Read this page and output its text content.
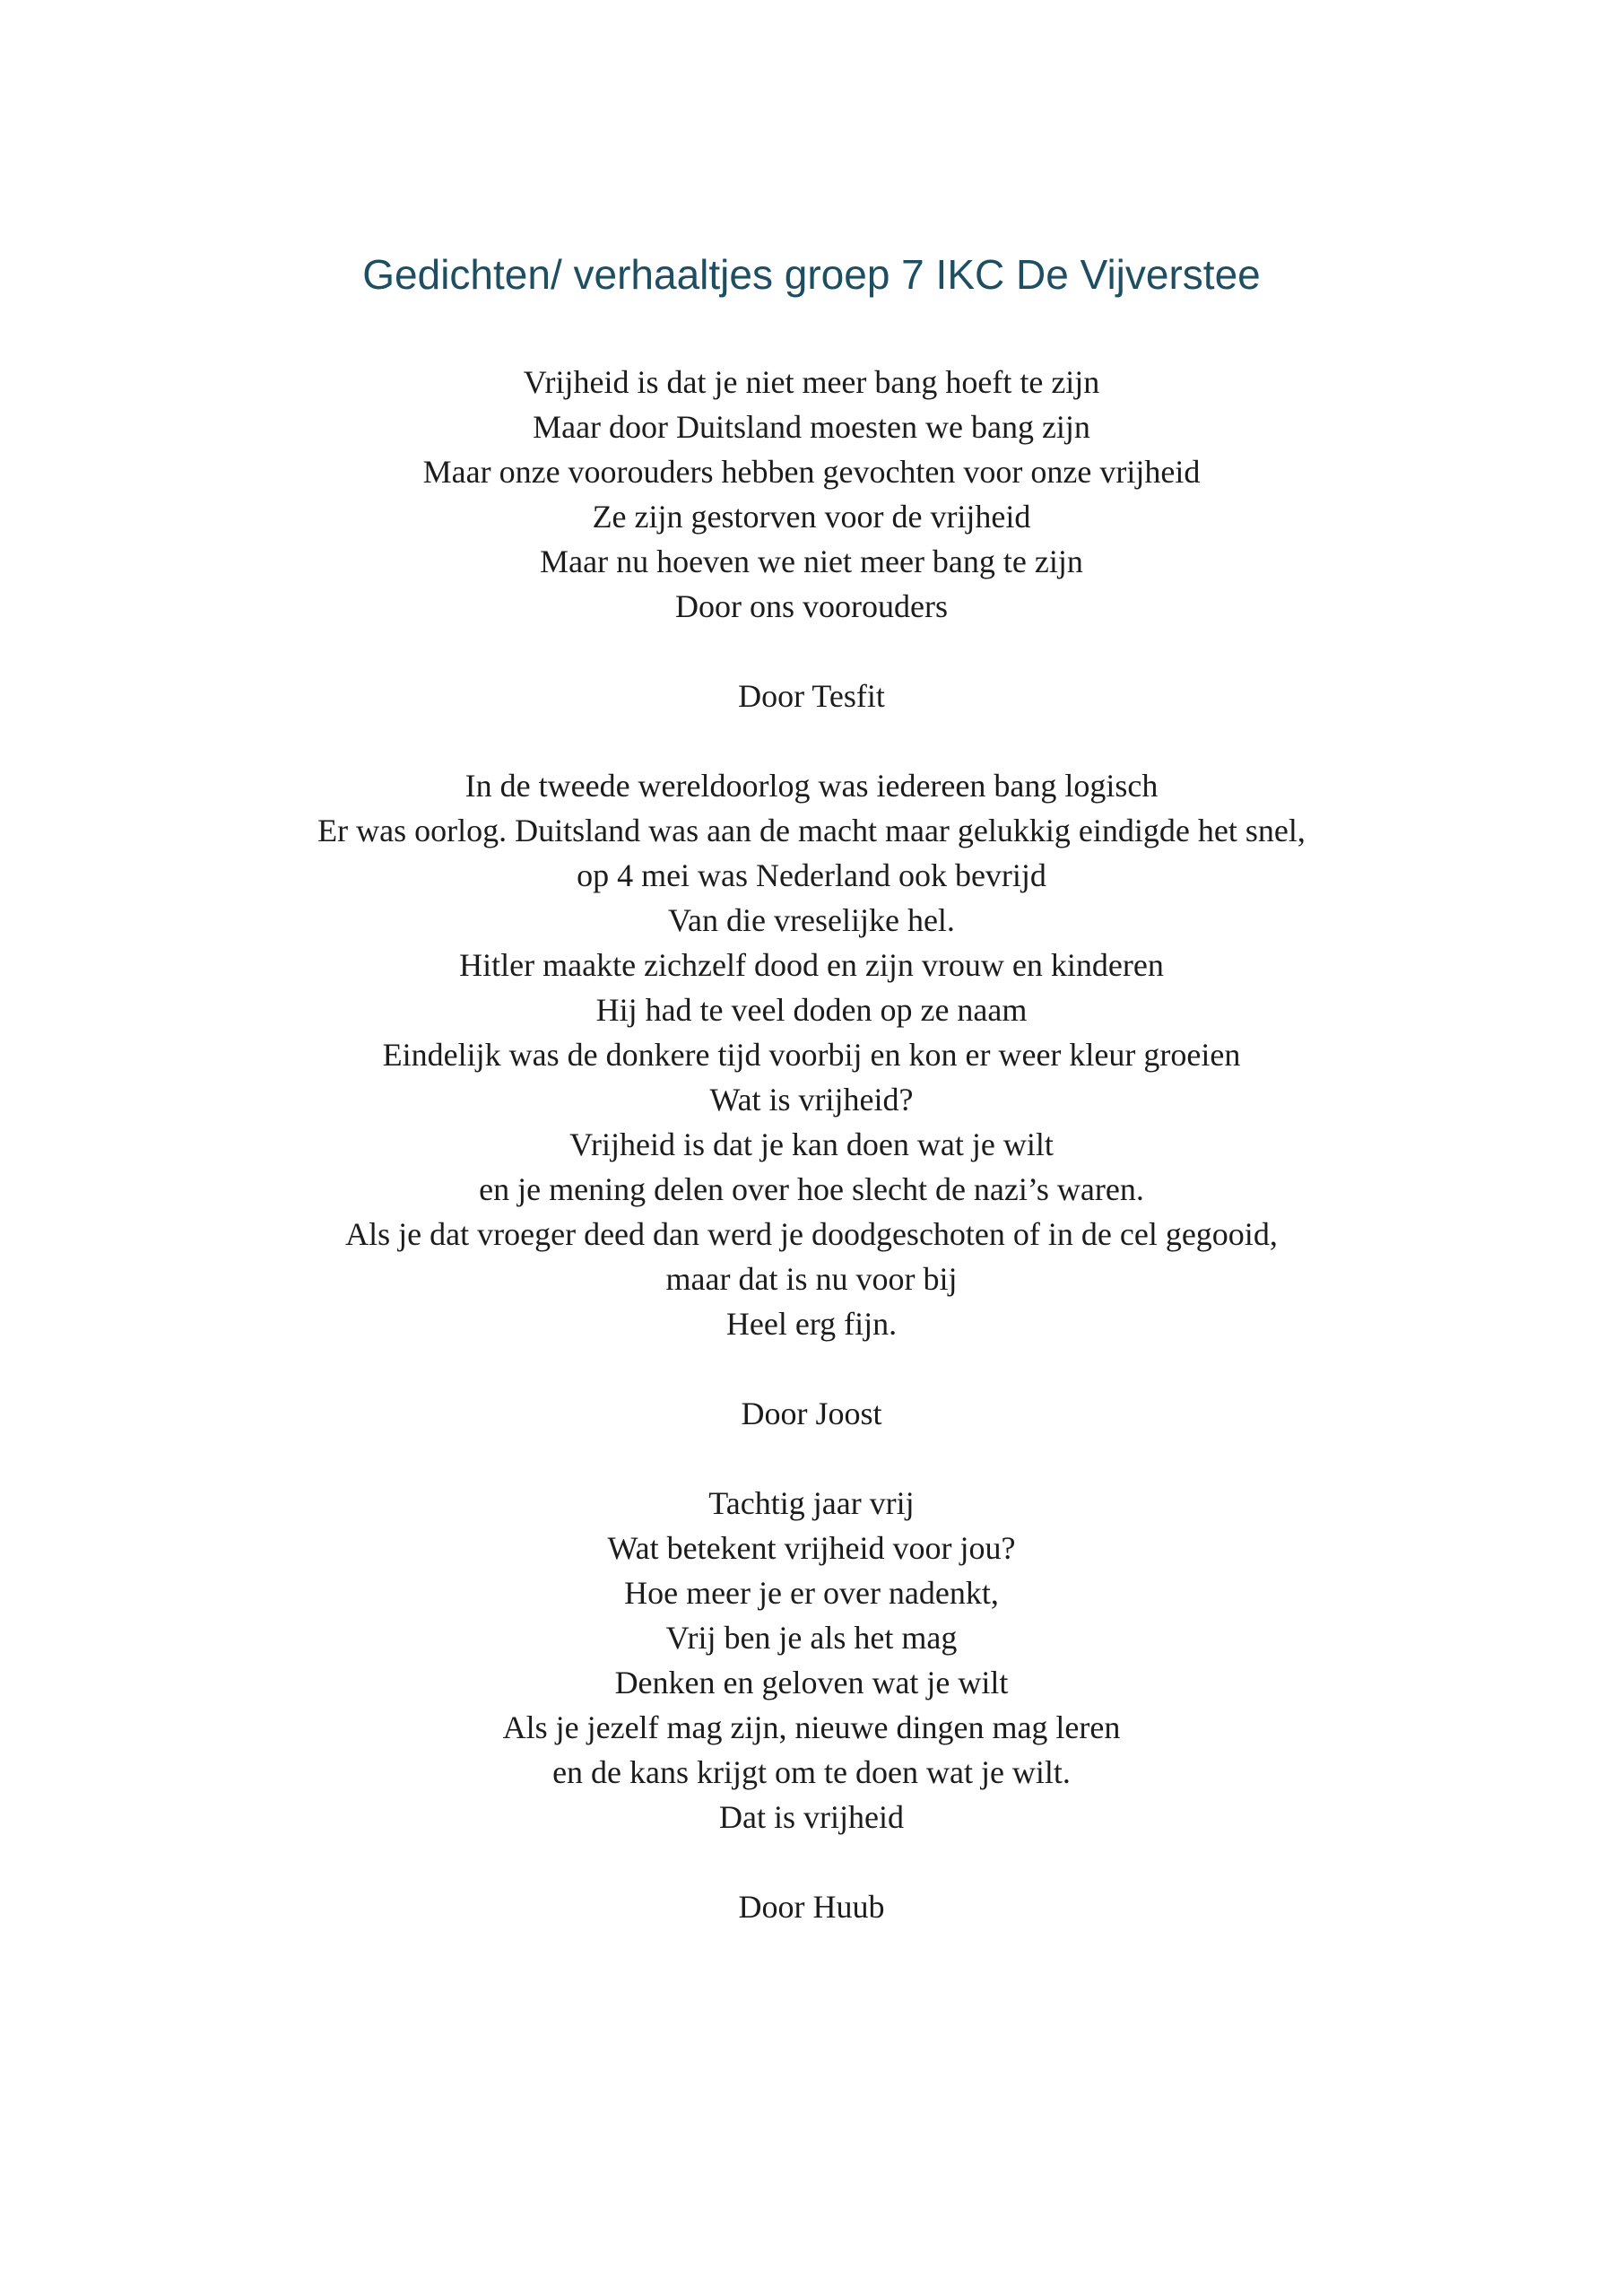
Gedichten/ verhaaltjes groep 7 IKC De Vijverstee
Vrijheid is dat je niet meer bang hoeft te zijn
Maar door Duitsland moesten we bang zijn
Maar onze voorouders hebben gevochten voor onze vrijheid
Ze zijn gestorven voor de vrijheid
Maar nu hoeven we niet meer bang te zijn
Door ons voorouders

Door Tesfit

In de tweede wereldoorlog was iedereen bang logisch
Er was oorlog. Duitsland was aan de macht maar gelukkig eindigde het snel,
op 4 mei was Nederland ook bevrijd
Van die vreselijke hel.
Hitler maakte zichzelf dood en zijn vrouw en kinderen
Hij had te veel doden op ze naam
Eindelijk was de donkere tijd voorbij en kon er weer kleur groeien
Wat is vrijheid?
Vrijheid is dat je kan doen wat je wilt
en je mening delen over hoe slecht de nazi’s waren.
Als je dat vroeger deed dan werd je doodgeschoten of in de cel gegooid,
maar dat is nu voor bij
Heel erg fijn.

Door Joost

Tachtig jaar vrij
Wat betekent vrijheid voor jou?
Hoe meer je er over nadenkt,
Vrij ben je als het mag
Denken en geloven wat je wilt
Als je jezelf mag zijn, nieuwe dingen mag leren
en de kans krijgt om te doen wat je wilt.
Dat is vrijheid

Door Huub
